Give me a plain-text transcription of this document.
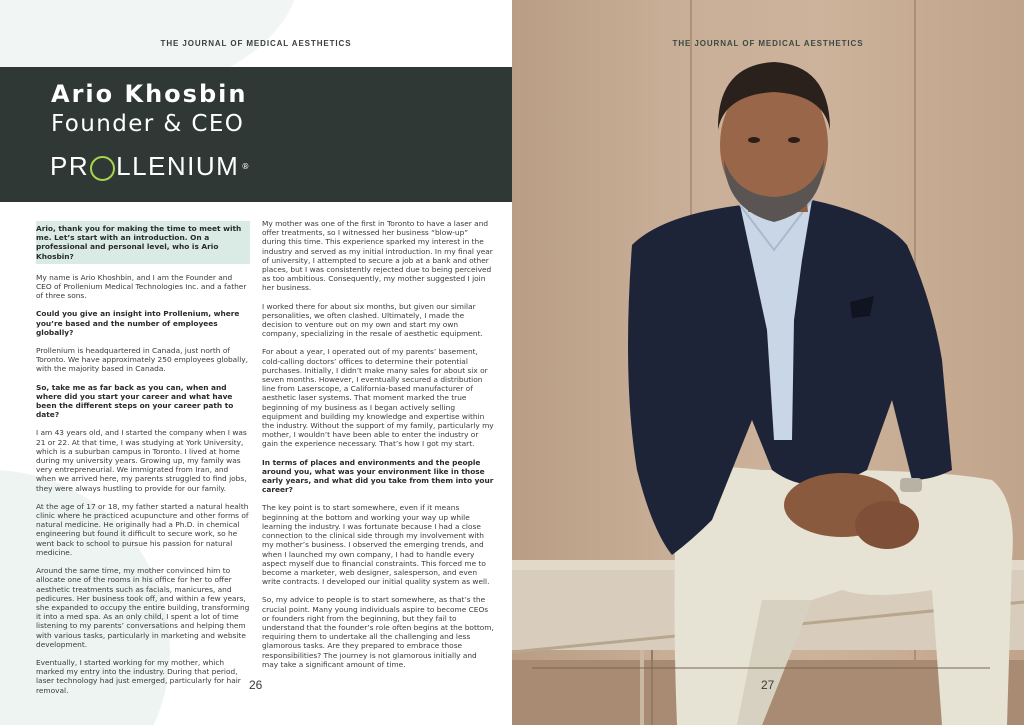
THE JOURNAL OF MEDICAL AESTHETICS
Ario Khosbin
Founder & CEO
PR LLENIUM ®

Ario, thank you for making the time to meet with me. Let’s start with an introduction. On a professional and personal level, who is Ario Khosbin?

My name is Ario Khoshbin, and I am the Founder and CEO of Prollenium Medical Technologies Inc. and a father of three sons.

Could you give an insight into Prollenium, where you’re based and the number of employees globally?

Prollenium is headquartered in Canada, just north of Toronto. We have approximately 250 employees globally, with the majority based in Canada.

So, take me as far back as you can, when and where did you start your career and what have been the different steps on your career path to date?

I am 43 years old, and I started the company when I was 21 or 22. At that time, I was studying at York University, which is a suburban campus in Toronto. I lived at home during my university years. Growing up, my family was very entrepreneurial. We immigrated from Iran, and when we arrived here, my parents struggled to find jobs, they were always hustling to provide for our family.

At the age of 17 or 18, my father started a natural health clinic where he practiced acupuncture and other forms of natural medicine. He originally had a Ph.D. in chemical engineering but found it difficult to secure work, so he went back to school to pursue his passion for natural medicine.

Around the same time, my mother convinced him to allocate one of the rooms in his office for her to offer aesthetic treatments such as facials, manicures, and pedicures. Her business took off, and within a few years, she expanded to occupy the entire building, transforming it into a med spa. As an only child, I spent a lot of time listening to my parents’ conversations and helping them with various tasks, particularly in marketing and website development.

Eventually, I started working for my mother, which marked my entry into the industry. During that period, laser technology had just emerged, particularly for hair removal.

My mother was one of the first in Toronto to have a laser and offer treatments, so I witnessed her business “blow-up” during this time. This experience sparked my interest in the industry and served as my initial introduction. In my final year of university, I attempted to secure a job at a bank and other places, but I was consistently rejected due to being perceived as too ambitious. Consequently, my mother suggested I join her business.

I worked there for about six months, but given our similar personalities, we often clashed. Ultimately, I made the decision to venture out on my own and start my own company, specializing in the resale of aesthetic equipment.

For about a year, I operated out of my parents’ basement, cold-calling doctors’ offices to determine their potential purchases. Initially, I didn’t make many sales for about six or seven months. However, I eventually secured a distribution line from Laserscope, a California-based manufacturer of aesthetic laser systems. That moment marked the true beginning of my business as I began actively selling equipment and building my knowledge and expertise within the industry. Without the support of my family, particularly my mother, I wouldn’t have been able to enter the industry or gain the experience necessary. That’s how I got my start.

In terms of places and environments and the people around you, what was your environment like in those early years, and what did you take from them into your career?

The key point is to start somewhere, even if it means beginning at the bottom and working your way up while learning the industry. I was fortunate because I had a close connection to the clinical side through my involvement with my mother’s business. I observed the emerging trends, and when I launched my own company, I had to handle every aspect myself due to financial constraints. This forced me to become a marketer, web designer, salesperson, and even write contracts. I developed our initial quality system as well.

So, my advice to people is to start somewhere, as that’s the crucial point. Many young individuals aspire to become CEOs or founders right from the beginning, but they fail to understand that the founder’s role often begins at the bottom, requiring them to undertake all the challenging and less glamorous tasks. Are they prepared to embrace those responsibilities? The journey is not glamorous initially and may take a significant amount of time.

26
THE JOURNAL OF MEDICAL AESTHETICS
27
